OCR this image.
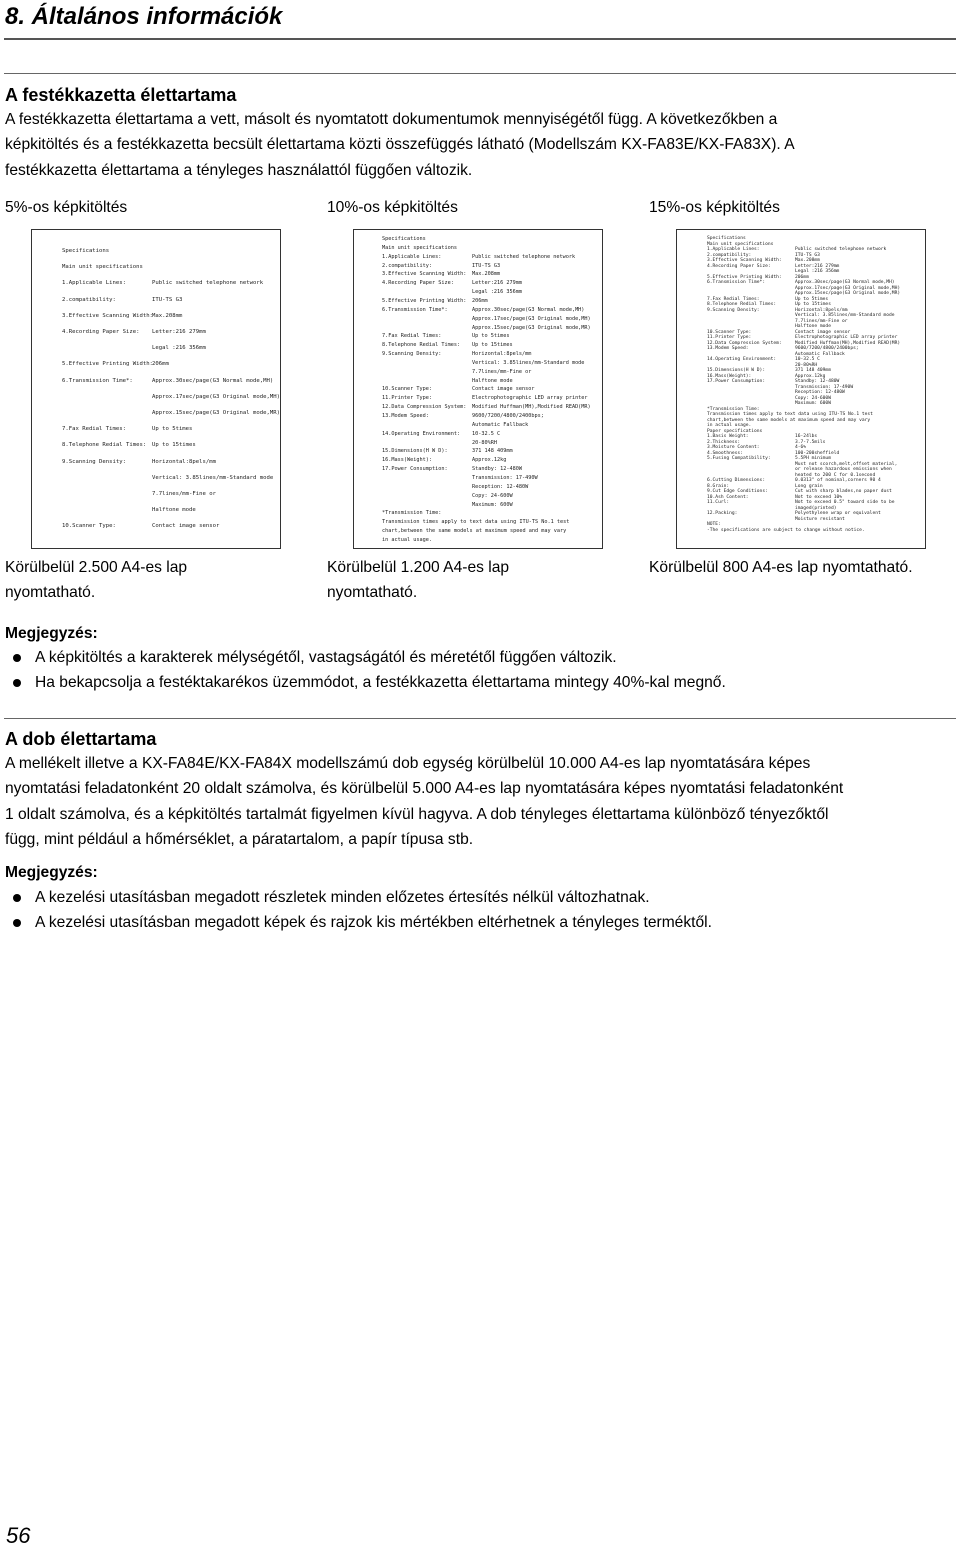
8. Általános információk
A festékkazetta élettartama
A festékkazetta élettartama a vett, másolt és nyomtatott dokumentumok mennyiségétől függ. A következőkben a
képkitöltés és a festékkazetta becsült élettartama közti összefüggés látható (Modellszám KX-FA83E/KX-FA83X). A
festékkazetta élettartama a tényleges használattól függően változik.
5%-os képkitöltés	10%-os képkitöltés	15%-os képkitöltés
Specifications
Main unit specifications
1.Applicable Lines:	Public switched telephone network
2.compatibility:	ITU-TS G3
3.Effective Scanning Width: Max.208mm
4.Recording Paper Size: Letter:216 279mm
Legal :216 356mm
5.Effective Printing Width: 206mm
6.Transmission Time*:	Approx.30sec/page(G3 Normal mode,MH)
Approx.17sec/page(G3 Original mode,MH)
Approx.15sec/page(G3 Original mode,MR)
7.Fax Redial Times:	Up to 5times
8.Telephone Redial Times: Up to 15times
9.Scanning Density:	Horizontal:8pels/mm
Vertical: 3.85lines/mm-Standard mode
7.7lines/mm-Fine or
Halftone mode
10.Scanner Type:	Contact image sensor
Specifications
Main unit specifications
1.Applicable Lines:	Public switched telephone network
2.compatibility:	ITU-TS G3
3.Effective Scanning Width: Max.208mm
4.Recording Paper Size:	Letter:216 279mm
Legal :216 356mm
5.Effective Printing Width: 206mm
6.Transmission Time*:	Approx.30sec/page(G3 Normal mode,MH)
Approx.17sec/page(G3 Original mode,MH)
Approx.15sec/page(G3 Original mode,MR)
7.Fax Redial Times:	Up to 5times
8.Telephone Redial Times: Up to 15times
9.Scanning Density:	Horizontal:8pels/mm
Vertical: 3.85lines/mm-Standard mode
7.7lines/mm-Fine or
Halftone mode
10.Scanner Type:	Contact image sensor
11.Printer Type:	Electrophotographic LED array printer
12.Data Compression System: Modified Huffman(MH),Modified READ(MR)
13.Modem Speed:	9600/7200/4800/2400bps;
Automatic Fallback
14.Operating Environment: 10-32.5 C
20-80%RH
15.Dimensions(H W D):	371 148 409mm
16.Mass(Weight):	Approx.12kg
17.Power Consumption:	Standby: 12-480W
Transmission: 17-490W
Reception: 12-480W
Copy: 24-600W
Maximum: 600W
*Transmission Time:
Transmission times apply to text data using ITU-TS No.1 test
chart,between the same models at maximum speed and may vary
in actual usage.
Specifications
Main unit specifications
1.Applicable Lines:	Public switched telephone network
2.compatibility:	ITU-TS G3
3.Effective Scanning Width:	Max.208mm
4.Recording Paper Size:	Letter:216 279mm
Legal :216 356mm
5.Effective Printing Width:	206mm
6.Transmission Time*:	Approx.30sec/page(G3 Normal mode,MH)
Approx.17sec/page(G3 Original mode,MH)
Approx.15sec/page(G3 Original mode,MR)
7.Fax Redial Times:	Up to 5times
8.Telephone Redial Times:	Up to 15times
9.Scanning Density:	Horizontal:8pels/mm
Vertical: 3.85lines/mm-Standard mode
7.7lines/mm-Fine or
Halftone mode
10.Scanner Type:	Contact image sensor
11.Printer Type:	Electrophotographic LED array printer
12.Data Compression System:	Modified Huffman(MH),Modified READ(MR)
13.Modem Speed:	9600/7200/4800/2400bps;
Automatic Fallback
14.Operating Environment:	10-32.5 C
20-80%RH
15.Dimensions(H W D):	371 148 409mm
16.Mass(Weight):	Approx.12kg
17.Power Consumption:	Standby: 12-480W
Transmission: 17-490W
Reception: 12-480W
Copy: 24-600W
Maximum: 600W
*Transmission Time:
Transmission times apply to text data using ITU-TS No.1 test
chart,between the same models at maximum speed and may vary
in actual usage.
Paper specifications
1.Basis Weight:	16-24lbs
2.Thickness:	3.7-7.5mils
3.Moisture Content:	4-6%
4.Smoothness:	100-200sheffield
5.Fusing Compatibility:	5.5PH minimum
Must not scorch,melt,offset material,
or release hazardous emissions when
heated to 200 C for 0.1second
6.Cutting Dimensions:	0.0313" of nominal,corners 90 4
8.Grain:	Long grain
9.Cut Edge Conditions:	Cut with sharp blades,no paper dust
10.Ash Content:	Not to exceed 10%
11.Curl:	Not to exceed 0.5" toward side to be
imaged(printed)
12.Packing:	Polyethylene wrap or equivalent
Moisture resistant
NOTE:
-The specifications are subject to change without notice.
Körülbelül 2.500 A4-es lap
nyomtatható.
Körülbelül 1.200 A4-es lap
nyomtatható.
Körülbelül 800 A4-es lap nyomtatható.
Megjegyzés:
A képkitöltés a karakterek mélységétől, vastagságától és méretétől függően változik.
Ha bekapcsolja a festéktakarékos üzemmódot, a festékkazetta élettartama mintegy 40%-kal megnő.
A dob élettartama
A mellékelt illetve a KX-FA84E/KX-FA84X modellszámú dob egység körülbelül 10.000 A4-es lap nyomtatására képes
nyomtatási feladatonként 20 oldalt számolva, és körülbelül 5.000 A4-es lap nyomtatására képes nyomtatási feladatonként
1 oldalt számolva, és a képkitöltés tartalmát figyelmen kívül hagyva. A dob tényleges élettartama különböző tényezőktől
függ, mint például a hőmérséklet, a páratartalom, a papír típusa stb.
Megjegyzés:
A kezelési utasításban megadott részletek minden előzetes értesítés nélkül változhatnak.
A kezelési utasításban megadott képek és rajzok kis mértékben eltérhetnek a tényleges terméktől.
56
